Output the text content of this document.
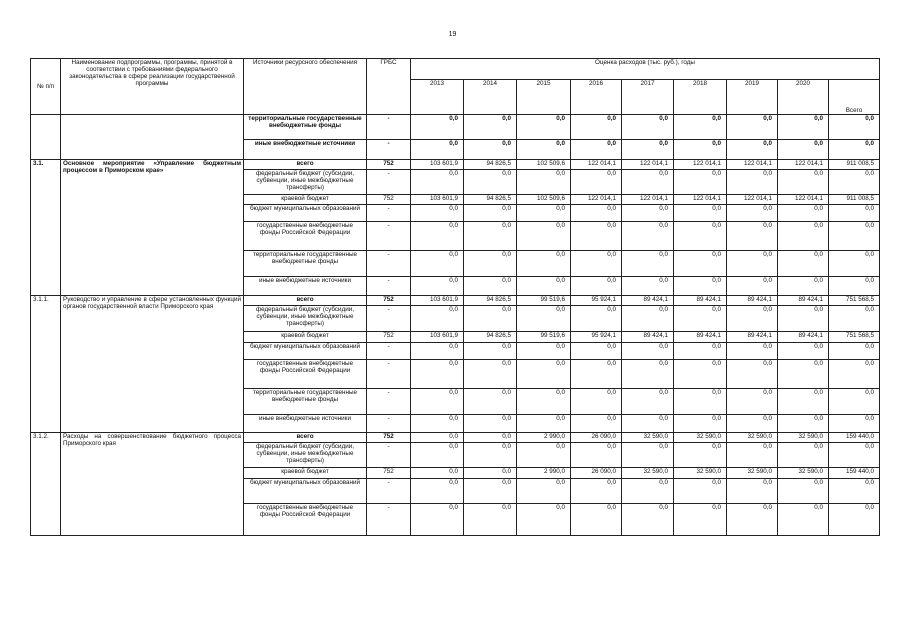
19
№ п/п	Наименование подпрограммы, программы, принятой в соответствии с требованиями федерального законодательства в сфере реализации государственной программы	Источники ресурсного обеспечения	ГРБС	Оценка расходов (тыс. руб.), годы								
				2013	2014	2015	2016	2017	2018	2019	2020	Всего
		территориальные государственные внебюджетные фонды	-	0,0	0,0	0,0	0,0	0,0	0,0	0,0	0,0	0,0
		иные внебюджетные источники	-	0,0	0,0	0,0	0,0	0,0	0,0	0,0	0,0	0,0
3.1.	Основное мероприятие «Управление бюджетным процессом в Приморском крае»	всего	752	103 601,9	94 826,5	102 509,6	122 014,1	122 014,1	122 014,1	122 014,1	122 014,1	911 008,5
		федеральный бюджет (субсидии, субвенции, иные межбюджетные трансферты)	-	0,0	0,0	0,0	0,0	0,0	0,0	0,0	0,0	0,0
		краевой бюджет	752	103 601,9	94 826,5	102 509,6	122 014,1	122 014,1	122 014,1	122 014,1	122 014,1	911 008,5
		бюджет муниципальных образований	-	0,0	0,0	0,0	0,0	0,0	0,0	0,0	0,0	0,0
		государственные внебюджетные фонды Российской Федерации	-	0,0	0,0	0,0	0,0	0,0	0,0	0,0	0,0	0,0
		территориальные государственные внебюджетные фонды	-	0,0	0,0	0,0	0,0	0,0	0,0	0,0	0,0	0,0
		иные внебюджетные источники	-	0,0	0,0	0,0	0,0	0,0	0,0	0,0	0,0	0,0
3.1.1.	Руководство и управление в сфере установленных функций органов государственной власти Приморского края	всего	752	103 601,9	94 826,5	99 519,6	95 924,1	89 424,1	89 424,1	89 424,1	89 424,1	751 568,5
		федеральный бюджет (субсидии, субвенции, иные межбюджетные трансферты)	-	0,0	0,0	0,0	0,0	0,0	0,0	0,0	0,0	0,0
		краевой бюджет	752	103 601,9	94 826,5	99 519,6	95 924,1	89 424,1	89 424,1	89 424,1	89 424,1	751 568,5
		бюджет муниципальных образований	-	0,0	0,0	0,0	0,0	0,0	0,0	0,0	0,0	0,0
		государственные внебюджетные фонды Российской Федерации	-	0,0	0,0	0,0	0,0	0,0	0,0	0,0	0,0	0,0
		территориальные государственные внебюджетные фонды	-	0,0	0,0	0,0	0,0	0,0	0,0	0,0	0,0	0,0
		иные внебюджетные источники	-	0,0	0,0	0,0	0,0	0,0	0,0	0,0	0,0	0,0
3.1.2.	Расходы на совершенствование бюджетного процесса Приморского края	всего	752	0,0	0,0	2 990,0	26 090,0	32 590,0	32 590,0	32 590,0	32 590,0	159 440,0
		федеральный бюджет (субсидии, субвенции, иные межбюджетные трансферты)	-	0,0	0,0	0,0	0,0	0,0	0,0	0,0	0,0	0,0
		краевой бюджет	752	0,0	0,0	2 990,0	26 090,0	32 590,0	32 590,0	32 590,0	32 590,0	159 440,0
		бюджет муниципальных образований	-	0,0	0,0	0,0	0,0	0,0	0,0	0,0	0,0	0,0
		государственные внебюджетные фонды Российской Федерации	-	0,0	0,0	0,0	0,0	0,0	0,0	0,0	0,0	0,0
